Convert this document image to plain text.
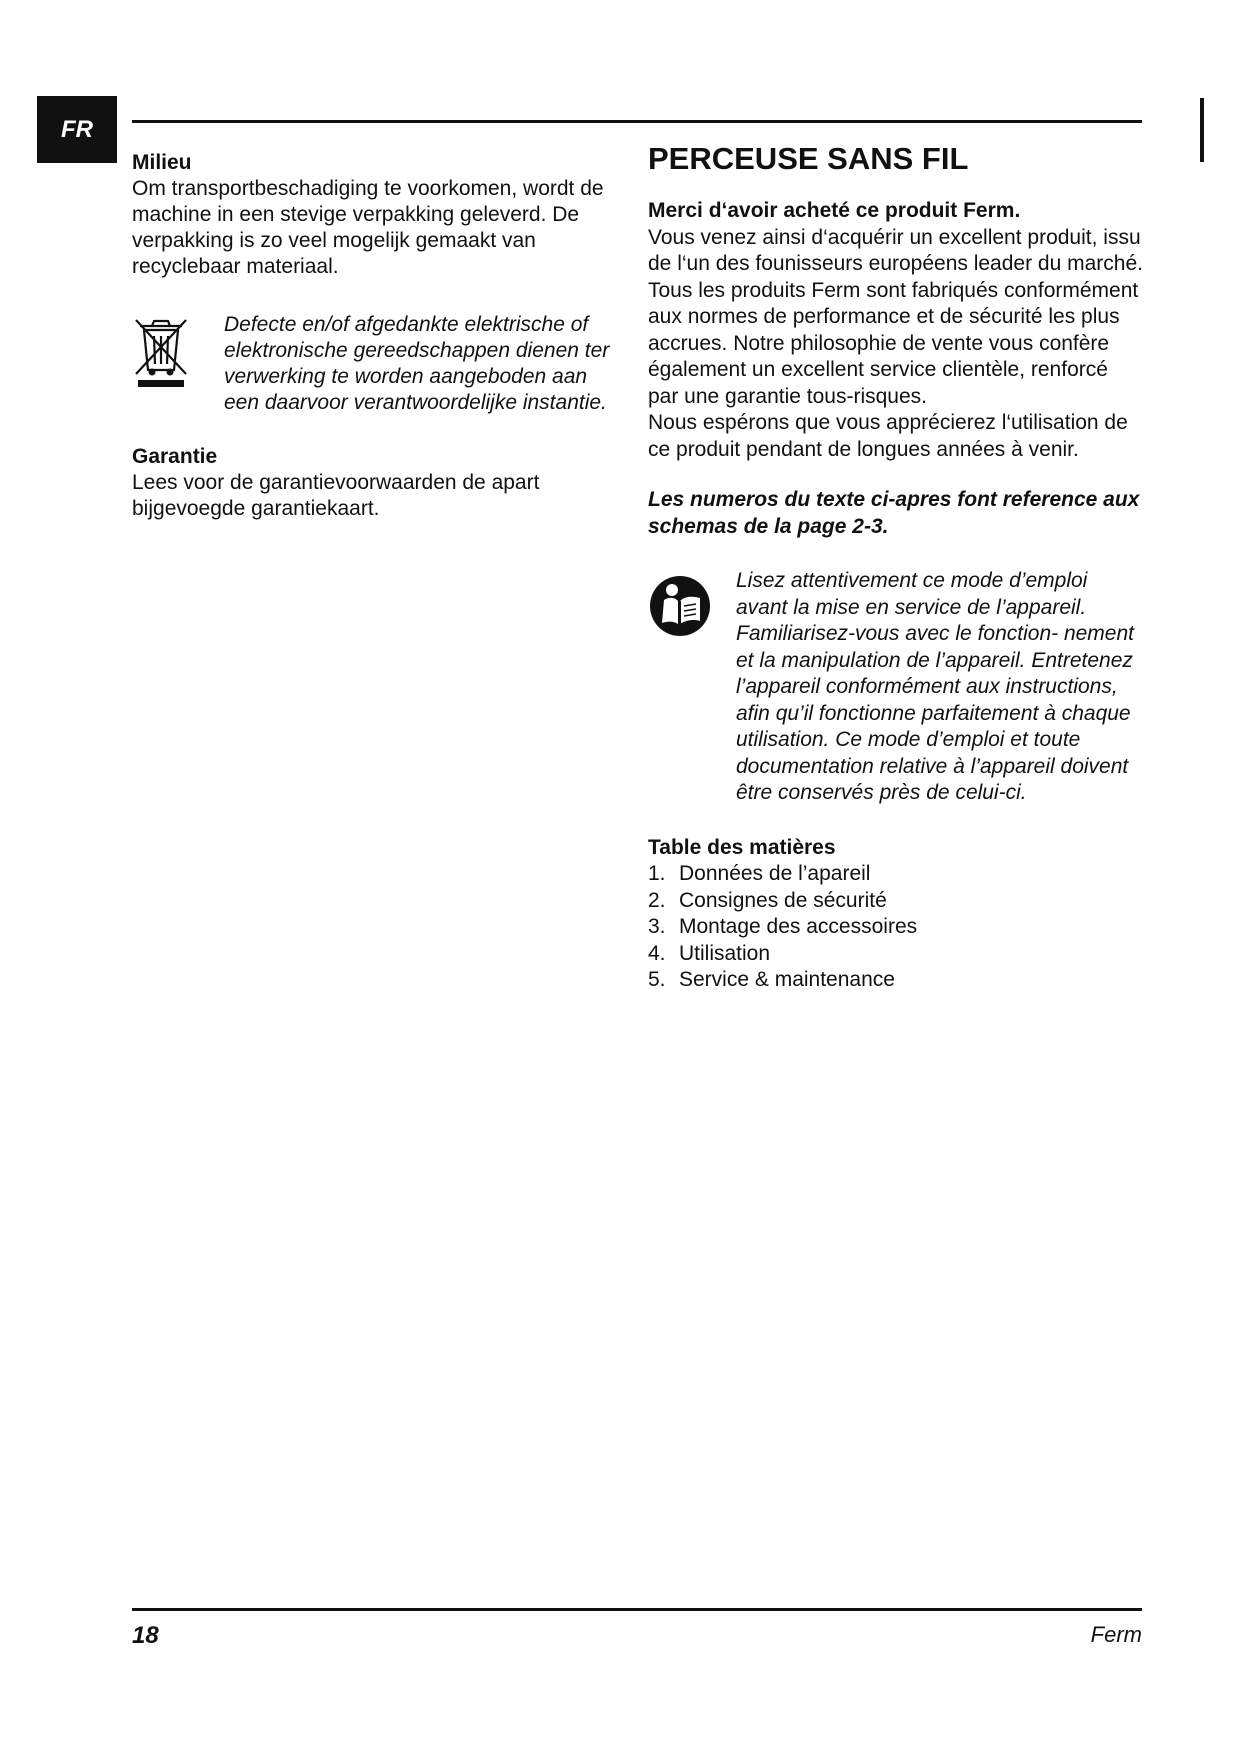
FR

Milieu

Om transportbeschadiging te voorkomen, wordt de machine in een stevige verpakking geleverd. De verpakking is zo veel mogelijk gemaakt van recyclebaar materiaal.

Defecte en/of afgedankte elektrische of elektronische gereedschappen dienen ter verwerking te worden aangeboden aan een daarvoor verantwoordelijke instantie.

Garantie

Lees voor de garantievoorwaarden de apart bijgevoegde garantiekaart.

PERCEUSE SANS FIL

Merci d‘avoir acheté ce produit Ferm.

Vous venez ainsi d‘acquérir un excellent produit, issu de l‘un des founisseurs européens leader du marché.

Tous les produits Ferm sont fabriqués conformément aux normes de performance et de sécurité les plus accrues. Notre philosophie de vente vous confère également un excellent service clientèle, renforcé par une garantie tous-risques.

Nous espérons que vous apprécierez l‘utilisation de ce produit pendant de longues années à venir.

Les numeros du texte ci-apres font reference aux schemas de la page 2-3.

Lisez attentivement ce mode d’emploi avant la mise en service de l’appareil. Familiarisez-vous avec le fonction- nement et la manipulation de l’appareil. Entretenez l’appareil conformément aux instructions, afin qu’il fonctionne parfaitement à chaque utilisation. Ce mode d’emploi et toute documentation relative à l’appareil doivent être conservés près de celui-ci.

Table des matières

1. Données de l’apareil
2. Consignes de sécurité
3. Montage des accessoires
4. Utilisation
5. Service & maintenance
18	Ferm
